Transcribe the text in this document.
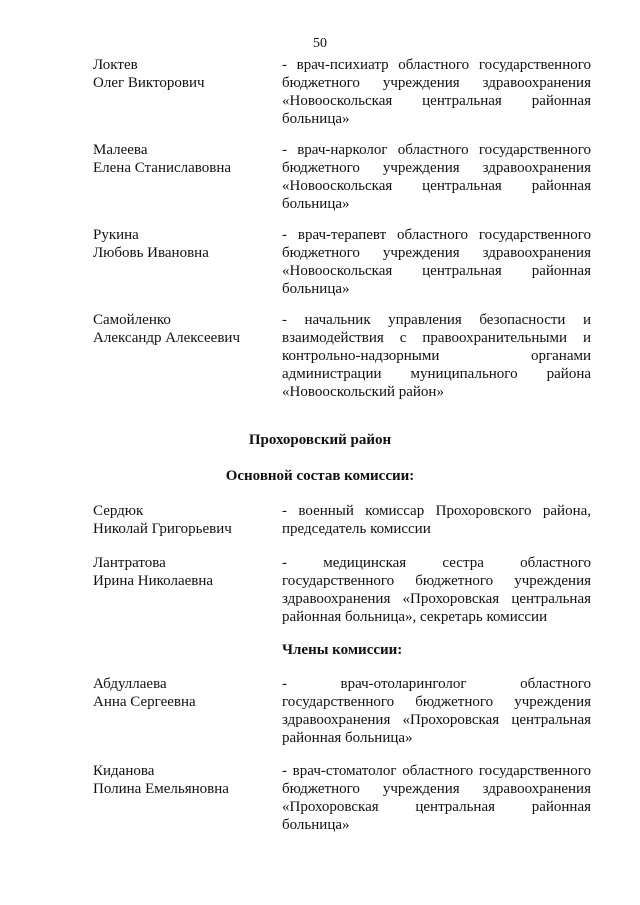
50
Локтев
Олег Викторович
- врач-психиатр областного государственного бюджетного учреждения здравоохранения «Новооскольская центральная районная больница»
Малеева
Елена Станиславовна
- врач-нарколог областного государственного бюджетного учреждения здравоохранения «Новооскольская центральная районная больница»
Рукина
Любовь Ивановна
- врач-терапевт областного государственного бюджетного учреждения здравоохранения «Новооскольская центральная районная больница»
Самойленко
Александр Алексеевич
- начальник управления безопасности и взаимодействия с правоохранительными и контрольно-надзорными органами администрации муниципального района «Новооскольский район»
Прохоровский район
Основной состав комиссии:
Сердюк
Николай Григорьевич
- военный комиссар Прохоровского района, председатель комиссии
Лантратова
Ирина Николаевна
- медицинская сестра областного государственного бюджетного учреждения здравоохранения «Прохоровская центральная районная больница», секретарь комиссии
Члены комиссии:
Абдуллаева
Анна Сергеевна
- врач-отоларинголог областного государственного бюджетного учреждения здравоохранения «Прохоровская центральная районная больница»
Киданова
Полина Емельяновна
- врач-стоматолог областного государственного бюджетного учреждения здравоохранения «Прохоровская центральная районная больница»
